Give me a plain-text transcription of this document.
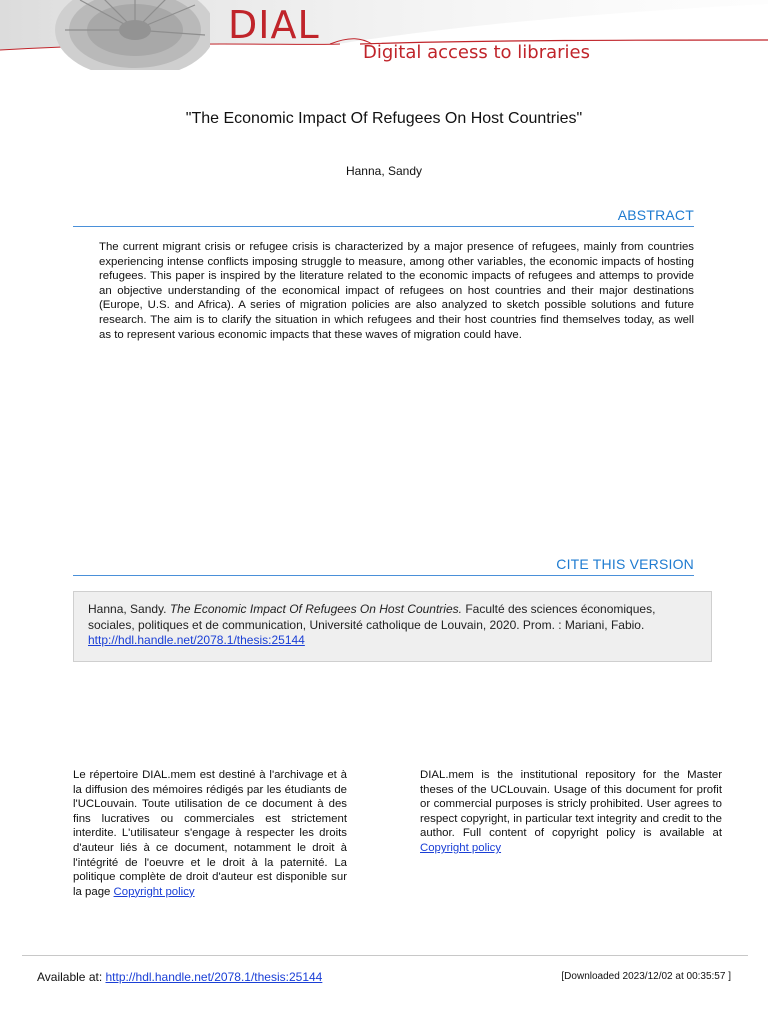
DIAL
Digital access to libraries
"The Economic Impact Of Refugees On Host Countries"
Hanna, Sandy
ABSTRACT
The current migrant crisis or refugee crisis is characterized by a major presence of refugees, mainly from countries experiencing intense conflicts imposing struggle to measure, among other variables, the economic impacts of hosting refugees. This paper is inspired by the literature related to the economic impacts of refugees and attemps to provide an objective understanding of the economical impact of refugees on host countries and their major destinations (Europe, U.S. and Africa). A series of migration policies are also analyzed to sketch possible solutions and future research. The aim is to clarify the situation in which refugees and their host countries find themselves today, as well as to represent various economic impacts that these waves of migration could have.
CITE THIS VERSION
Hanna, Sandy. The Economic Impact Of Refugees On Host Countries. Faculté des sciences économiques, sociales, politiques et de communication, Université catholique de Louvain, 2020. Prom. : Mariani, Fabio.
http://hdl.handle.net/2078.1/thesis:25144
Le répertoire DIAL.mem est destiné à l'archivage et à la diffusion des mémoires rédigés par les étudiants de l'UCLouvain. Toute utilisation de ce document à des fins lucratives ou commerciales est strictement interdite. L'utilisateur s'engage à respecter les droits d'auteur liés à ce document, notamment le droit à l'intégrité de l'oeuvre et le droit à la paternité. La politique complète de droit d'auteur est disponible sur la page Copyright policy
DIAL.mem is the institutional repository for the Master theses of the UCLouvain. Usage of this document for profit or commercial purposes is stricly prohibited. User agrees to respect copyright, in particular text integrity and credit to the author. Full content of copyright policy is available at Copyright policy
Available at: http://hdl.handle.net/2078.1/thesis:25144	[Downloaded 2023/12/02 at 00:35:57 ]
